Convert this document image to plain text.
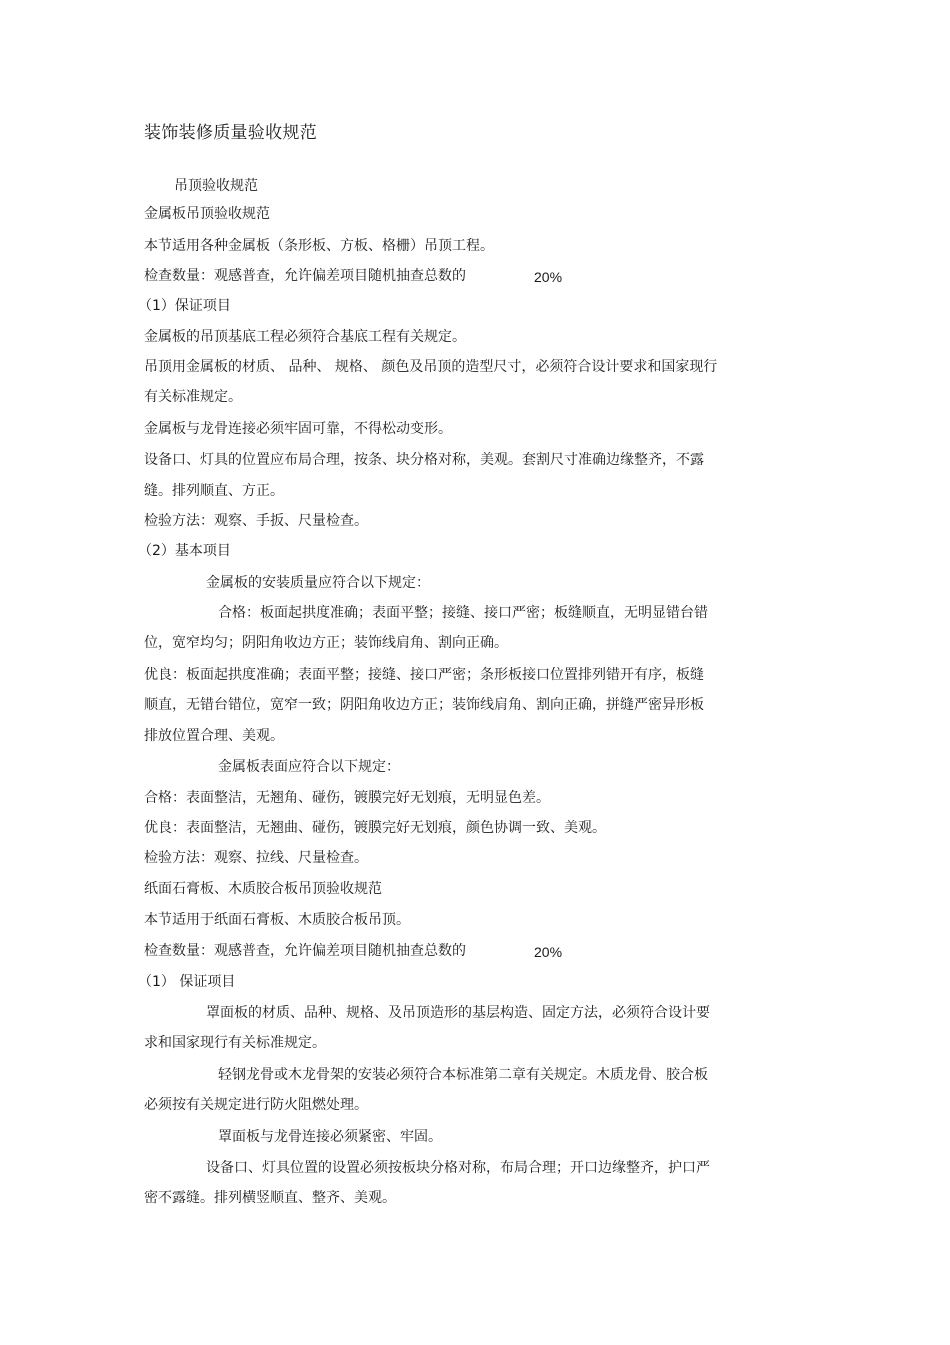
装饰装修质量验收规范
吊顶验收规范
金属板吊顶验收规范
本节适用各种金属板（条形板、方板、格栅）吊顶工程。
检查数量：观感普查，允许偏差项目随机抽查总数的	20%
（1）保证项目
金属板的吊顶基底工程必须符合基底工程有关规定。
吊顶用金属板的材质、 品种、 规格、 颜色及吊顶的造型尺寸，必须符合设计要求和国家现行
有关标准规定。
金属板与龙骨连接必须牢固可靠，不得松动变形。
设备口、灯具的位置应布局合理，按条、块分格对称，美观。套割尺寸准确边缘整齐，不露
缝。排列顺直、方正。
检验方法：观察、手扳、尺量检查。
（2）基本项目
金属板的安装质量应符合以下规定：
合格：板面起拱度准确；表面平整；接缝、接口严密；板缝顺直，无明显错台错
位，宽窄均匀；阴阳角收边方正；装饰线肩角、割向正确。
优良：板面起拱度准确；表面平整；接缝、接口严密；条形板接口位置排列错开有序，板缝
顺直，无错台错位，宽窄一致；阴阳角收边方正；装饰线肩角、割向正确，拼缝严密异形板
排放位置合理、美观。
金属板表面应符合以下规定：
合格：表面整洁，无翘角、碰伤，镀膜完好无划痕，无明显色差。
优良：表面整洁，无翘曲、碰伤，镀膜完好无划痕，颜色协调一致、美观。
检验方法：观察、拉线、尺量检查。
纸面石膏板、木质胶合板吊顶验收规范
本节适用于纸面石膏板、木质胶合板吊顶。
检查数量：观感普查，允许偏差项目随机抽查总数的	20%
（1） 保证项目
罩面板的材质、品种、规格、及吊顶造形的基层构造、固定方法，必须符合设计要
求和国家现行有关标准规定。
轻钢龙骨或木龙骨架的安装必须符合本标准第二章有关规定。木质龙骨、胶合板
必须按有关规定进行防火阻燃处理。
罩面板与龙骨连接必须紧密、牢固。
设备口、灯具位置的设置必须按板块分格对称，布局合理；开口边缘整齐，护口严
密不露缝。排列横竖顺直、整齐、美观。
